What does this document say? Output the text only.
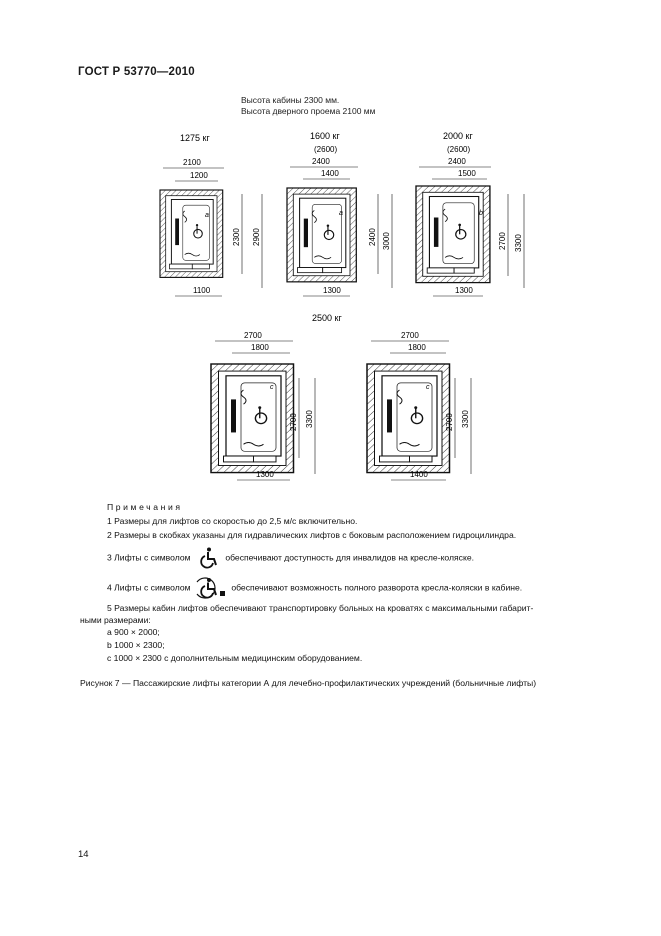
ГОСТ Р 53770—2010
Высота кабины 2300 мм.
Высота дверного проема 2100 мм
1275 кг
2100
1200
a
2300 2900
1100
1600 кг
(2600)
2400
1400
a
2400 3000
1300
2000 кг
(2600)
2400
1500
b
2700 3300
1300
2500 кг
2700
1800
c
2700 3300
1300
2700
1800
c
2700 3300
1400
Примечания
1 Размеры для лифтов со скоростью до 2,5 м/с включительно.
2 Размеры в скобках указаны для гидравлических лифтов с боковым расположением гидроцилиндра.
3 Лифты с символом	обеспечивают доступность для инвалидов на кресле-коляске.
4 Лифты с символом	обеспечивают возможность полного разворота кресла-коляски в кабине.
5 Размеры кабин лифтов обеспечивают транспортировку больных на кроватях с максимальными габарит-
ными размерами:
a 900 × 2000;
b 1000 × 2300;
c 1000 × 2300 с дополнительным медицинским оборудованием.
Рисунок 7 — Пассажирские лифты категории А для лечебно-профилактических учреждений (больничные лифты)
14
